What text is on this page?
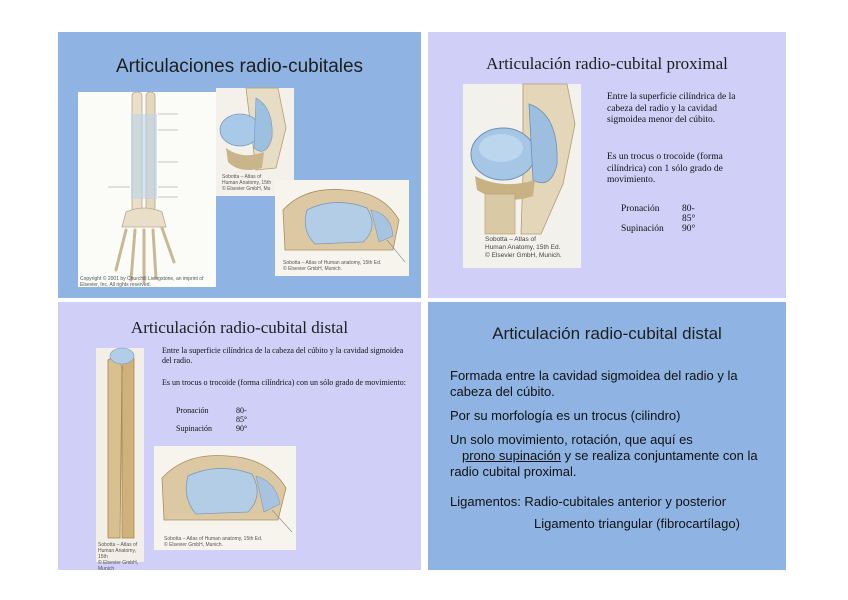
Articulaciones radio-cubitales
Copyright © 2001 by Churchill Livingstone, an imprint of Elsevier, Inc. All rights reserved.
Sobotta – Atlas of
Human Anatomy, 15th
© Elsevier GmbH, Mu
Sobotta – Atlas of Human anatomy, 15th Ed.
© Elsevier GmbH, Munich.
Articulación radio-cubital proximal
Sobotta – Atlas of
Human Anatomy, 15th Ed.
© Elsevier GmbH, Munich.
Entre la superficie cilíndrica de la cabeza del radio y la cavidad sigmoidea menor del cúbito.
Es un trocus o trocoide (forma cilíndrica) con 1 sólo grado de movimiento.
Pronación 80-85°
Supinación 90°
Articulación radio-cubital distal
Sobotta – Atlas of
Human Anatomy, 15th
© Elsevier GmbH, Munich
Entre la superficie cilíndrica de la cabeza del cúbito y la cavidad sigmoidea del radio.
Es un trocus o trocoide (forma cilíndrica) con un sólo grado de movimiento:
Pronación	80-85°
Supinación	90°
Sobotta – Atlas of Human anatomy, 15th Ed.
© Elsevier GmbH, Munich.
Articulación radio-cubital distal
Formada entre la cavidad sigmoidea del radio y la cabeza del cúbito.
Por su morfología es un trocus (cilindro)
Un solo movimiento, rotación, que aquí es
prono supinación y se realiza conjuntamente con la radio cubital proximal.
Ligamentos: Radio-cubitales anterior y posterior
Ligamento triangular (fibrocartílago)
